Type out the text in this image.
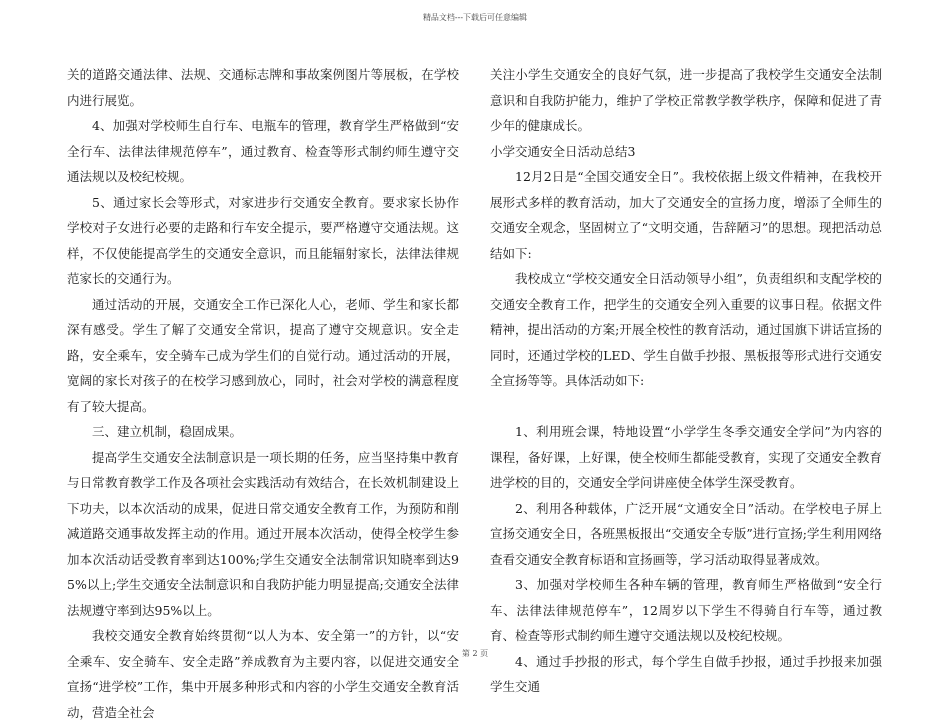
精品文档---下载后可任意编辑

关的道路交通法律、法规、交通标志牌和事故案例图片等展板，在学校内进行展览。

4、加强对学校师生自行车、电瓶车的管理，教育学生严格做到“安全行车、法律法律规范停车”，通过教育、检查等形式制约师生遵守交通法规以及校纪校规。

5、通过家长会等形式，对家进步行交通安全教育。要求家长协作学校对子女进行必要的走路和行车安全提示，要严格遵守交通法规。这样，不仅使能提高学生的交通安全意识，而且能辐射家长，法律法律规范家长的交通行为。

通过活动的开展，交通安全工作已深化人心，老师、学生和家长都深有感受。学生了解了交通安全常识，提高了遵守交规意识。安全走路，安全乘车，安全骑车己成为学生们的自觉行动。通过活动的开展，宽阔的家长对孩子的在校学习感到放心，同时，社会对学校的满意程度有了较大提高。

三、建立机制，稳固成果。

提高学生交通安全法制意识是一项长期的任务，应当坚持集中教育与日常教育教学工作及各项社会实践活动有效结合，在长效机制建设上下功夫，以本次活动的成果，促进日常交通安全教育工作，为预防和削减道路交通事故发挥主动的作用。通过开展本次活动，使得全校学生参加本次活动话受教育率到达100%;学生交通安全法制常识知晓率到达95%以上;学生交通安全法制意识和自我防护能力明显提高;交通安全法律法规遵守率到达95%以上。

我校交通安全教育始终贯彻“以人为本、安全第一”的方针，以“安全乘车、安全骑车、安全走路”养成教育为主要内容，以促进交通安全宣扬“进学校”工作，集中开展多种形式和内容的小学生交通安全教育活动，营造全社会

关注小学生交通安全的良好气氛，进一步提高了我校学生交通安全法制意识和自我防护能力，维护了学校正常教学教学秩序，保障和促进了青少年的健康成长。

小学交通安全日活动总结3

12月2日是“全国交通安全日”。我校依据上级文件精神，在我校开展形式多样的教育活动，加大了交通安全的宣扬力度，增添了全师生的交通安全观念，坚固树立了“文明交通，告辞陋习”的思想。现把活动总结如下:

我校成立“学校交通安全日活动领导小组”，负责组织和支配学校的交通安全教育工作，把学生的交通安全列入重要的议事日程。依据文件精神，提出活动的方案;开展全校性的教育活动，通过国旗下讲话宣扬的同时，还通过学校的LED、学生自做手抄报、黑板报等形式进行交通安全宣扬等等。具体活动如下:

1、利用班会课，特地设置“小学学生冬季交通安全学问”为内容的课程，备好课，上好课，使全校师生都能受教育，实现了交通安全教育进学校的目的，交通安全学问讲座使全体学生深受教育。

2、利用各种载体，广泛开展“文通安全日”活动。在学校电子屏上宣扬交通安全日，各班黑板报出“交通安全专版”进行宣扬;学生利用网络查看交通安全教育标语和宣扬画等，学习活动取得显著成效。

3、加强对学校师生各种车辆的管理，教育师生严格做到“安全行车、法律法律规范停车”，12周岁以下学生不得骑自行车等，通过教育、检查等形式制约师生遵守交通法规以及校纪校规。

4、通过手抄报的形式，每个学生自做手抄报，通过手抄报来加强学生交通

第 2 页
